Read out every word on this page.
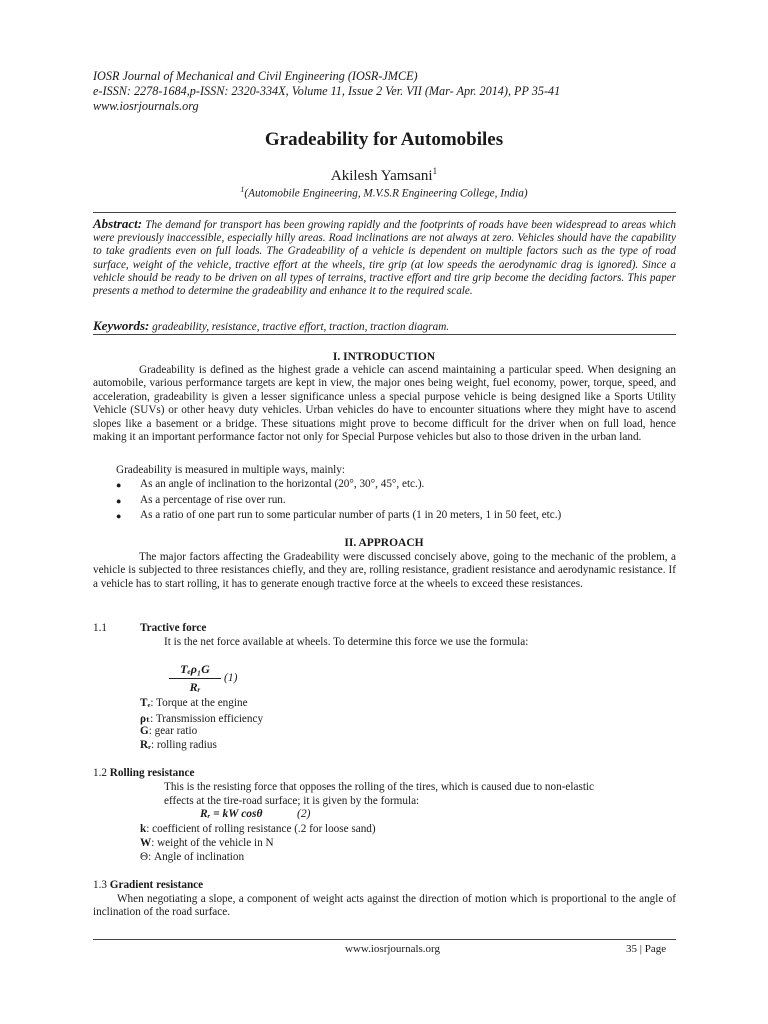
IOSR Journal of Mechanical and Civil Engineering (IOSR-JMCE)
e-ISSN: 2278-1684,p-ISSN: 2320-334X, Volume 11, Issue 2 Ver. VII (Mar- Apr. 2014), PP 35-41
www.iosrjournals.org
Gradeability for Automobiles
Akilesh Yamsani$^1$
$^1$(Automobile Engineering, M.V.S.R Engineering College, India)
Abstract: The demand for transport has been growing rapidly and the footprints of roads have been widespread to areas which were previously inaccessible, especially hilly areas. Road inclinations are not always at zero. Vehicles should have the capability to take gradients even on full loads. The Gradeability of a vehicle is dependent on multiple factors such as the type of road surface, weight of the vehicle, tractive effort at the wheels, tire grip (at low speeds the aerodynamic drag is ignored). Since a vehicle should be ready to be driven on all types of terrains, tractive effort and tire grip become the deciding factors. This paper presents a method to determine the gradeability and enhance it to the required scale.
Keywords: gradeability, resistance, tractive effort, traction, traction diagram.
I. INTRODUCTION
Gradeability is defined as the highest grade a vehicle can ascend maintaining a particular speed. When designing an automobile, various performance targets are kept in view, the major ones being weight, fuel economy, power, torque, speed, and acceleration, gradeability is given a lesser significance unless a special purpose vehicle is being designed like a Sports Utility Vehicle (SUVs) or other heavy duty vehicles. Urban vehicles do have to encounter situations where they might have to ascend slopes like a basement or a bridge. These situations might prove to become difficult for the driver when on full load, hence making it an important performance factor not only for Special Purpose vehicles but also to those driven in the urban land.
Gradeability is measured in multiple ways, mainly:
● As an angle of inclination to the horizontal (20°, 30°, 45°, etc.).
● As a percentage of rise over run.
● As a ratio of one part run to some particular number of parts (1 in 20 meters, 1 in 50 feet, etc.)
II. APPROACH
The major factors affecting the Gradeability were discussed concisely above, going to the mechanic of the problem, a vehicle is subjected to three resistances chiefly, and they are, rolling resistance, gradient resistance and aerodynamic resistance. If a vehicle has to start rolling, it has to generate enough tractive force at the wheels to exceed these resistances.
1.1	Tractive force
It is the net force available at wheels. To determine this force we use the formula:
Tₑρ₁G
Rᵣ
(1)
Tₑ: Torque at the engine
ρₜ: Transmission efficiency
G: gear ratio
Rᵣ: rolling radius
1.2 Rolling resistance
This is the resisting force that opposes the rolling of the tires, which is caused due to non-elastic
effects at the tire-road surface; it is given by the formula:
Rᵣ = kW cosθ	(2)
k: coefficient of rolling resistance (.2 for loose sand)
W: weight of the vehicle in N
Θ: Angle of inclination
1.3 Gradient resistance
When negotiating a slope, a component of weight acts against the direction of motion which is proportional to the angle of inclination of the road surface.
www.iosrjournals.org	35 | Page
